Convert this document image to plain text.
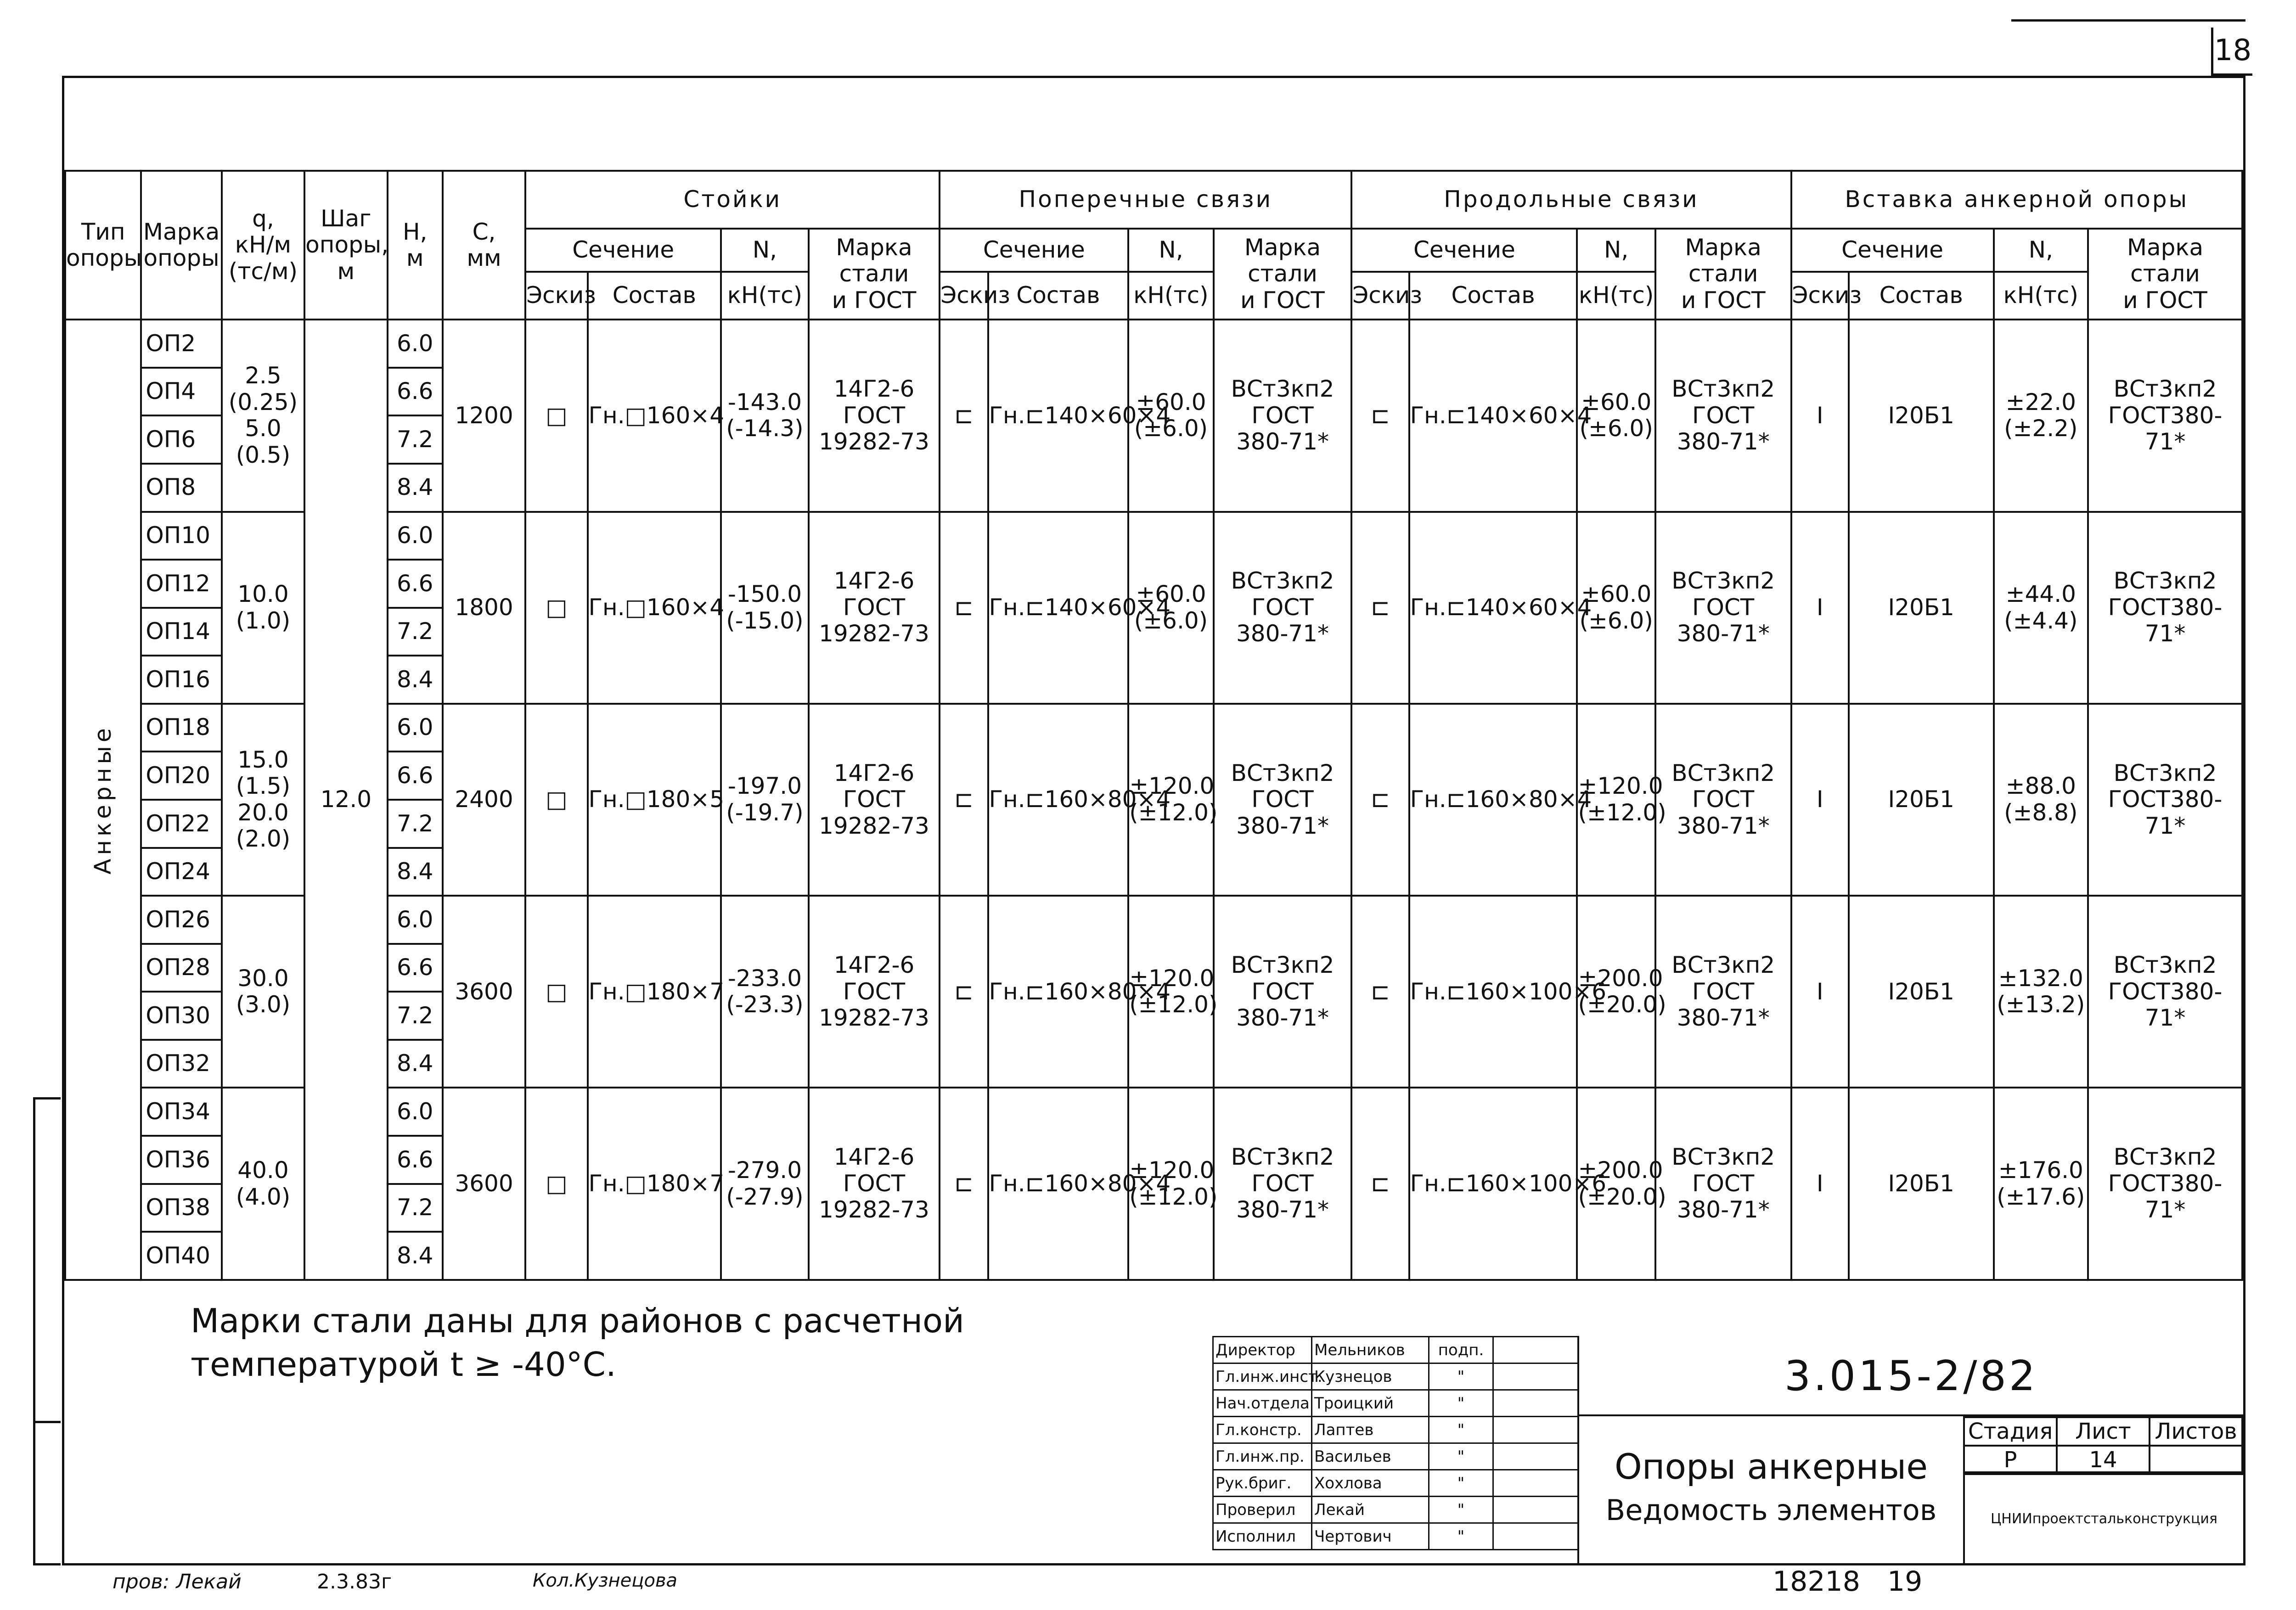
18
Тип
опоры	Марка
опоры	q,
кН/м
(тс/м)	Шаг
опоры,
м	Н,
м	С,
мм	Стойки				Поперечные связи				Продольные связи				Вставка анкерной опоры			
						Сечение		N,	Марка
стали
и ГОСТ	Сечение		N,	Марка
стали
и ГОСТ	Сечение		N,	Марка
стали
и ГОСТ	Сечение		N,	Марка
стали
и ГОСТ
						Эскиз	Состав	кН(тс)		Эскиз	Состав	кН(тс)		Эскиз	Состав	кН(тс)		Эскиз	Состав	кН(тс)	
Анкерные	ОП2	2.5
(0.25)
5.0
(0.5)	12.0	6.0	1200	□	Гн.□160×4	-143.0
(-14.3)	14Г2-6
ГОСТ
19282-73	⊏	Гн.⊏140×60×4	±60.0
(±6.0)	ВСт3кп2
ГОСТ
380-71*	⊏	Гн.⊏140×60×4	±60.0
(±6.0)	ВСт3кп2
ГОСТ
380-71*	I	I20Б1	±22.0
(±2.2)	ВСт3кп2
ГОСТ380-71*
	ОП4			6.6																	
	ОП6			7.2																	
	ОП8			8.4																	
	ОП10	10.0
(1.0)		6.0	1800	□	Гн.□160×4	-150.0
(-15.0)	14Г2-6
ГОСТ
19282-73	⊏	Гн.⊏140×60×4	±60.0
(±6.0)	ВСт3кп2
ГОСТ
380-71*	⊏	Гн.⊏140×60×4	±60.0
(±6.0)	ВСт3кп2
ГОСТ
380-71*	I	I20Б1	±44.0
(±4.4)	ВСт3кп2
ГОСТ380-71*
	ОП12			6.6																	
	ОП14			7.2																	
	ОП16			8.4																	
	ОП18	15.0
(1.5)
20.0
(2.0)		6.0	2400	□	Гн.□180×5	-197.0
(-19.7)	14Г2-6
ГОСТ
19282-73	⊏	Гн.⊏160×80×4	±120.0
(±12.0)	ВСт3кп2
ГОСТ
380-71*	⊏	Гн.⊏160×80×4	±120.0
(±12.0)	ВСт3кп2
ГОСТ
380-71*	I	I20Б1	±88.0
(±8.8)	ВСт3кп2
ГОСТ380-71*
	ОП20			6.6																	
	ОП22			7.2																	
	ОП24			8.4																	
	ОП26	30.0
(3.0)		6.0	3600	□	Гн.□180×7	-233.0
(-23.3)	14Г2-6
ГОСТ
19282-73	⊏	Гн.⊏160×80×4	±120.0
(±12.0)	ВСт3кп2
ГОСТ
380-71*	⊏	Гн.⊏160×100×6	±200.0
(±20.0)	ВСт3кп2
ГОСТ
380-71*	I	I20Б1	±132.0
(±13.2)	ВСт3кп2
ГОСТ380-71*
	ОП28			6.6																	
	ОП30			7.2																	
	ОП32			8.4																	
	ОП34	40.0
(4.0)		6.0	3600	□	Гн.□180×7	-279.0
(-27.9)	14Г2-6
ГОСТ
19282-73	⊏	Гн.⊏160×80×4	±120.0
(±12.0)	ВСт3кп2
ГОСТ
380-71*	⊏	Гн.⊏160×100×6	±200.0
(±20.0)	ВСт3кп2
ГОСТ
380-71*	I	I20Б1	±176.0
(±17.6)	ВСт3кп2
ГОСТ380-71*
	ОП36			6.6																	
	ОП38			7.2																	
	ОП40			8.4																	
Марки стали даны для районов с расчетной температурой t ≥ -40°C.	Директор	Мельников	подп.	
Гл.инж.инст.	Кузнецов	"	
Нач.отдела	Троицкий	"	
Гл.констр.	Лаптев	"	
Гл.инж.пр.	Васильев	"	
Рук.бриг.	Хохлова	"	
Проверил	Лекай	"	
Исполнил	Чертович	"	
3.015-2/82
Опоры анкерные
Ведомость элементов
Стадия	Лист	Листов
Р	14	
ЦНИИпроектстальконструкция
пров: Лекай	2.3.83г	Кол.Кузнецова	18218 19
